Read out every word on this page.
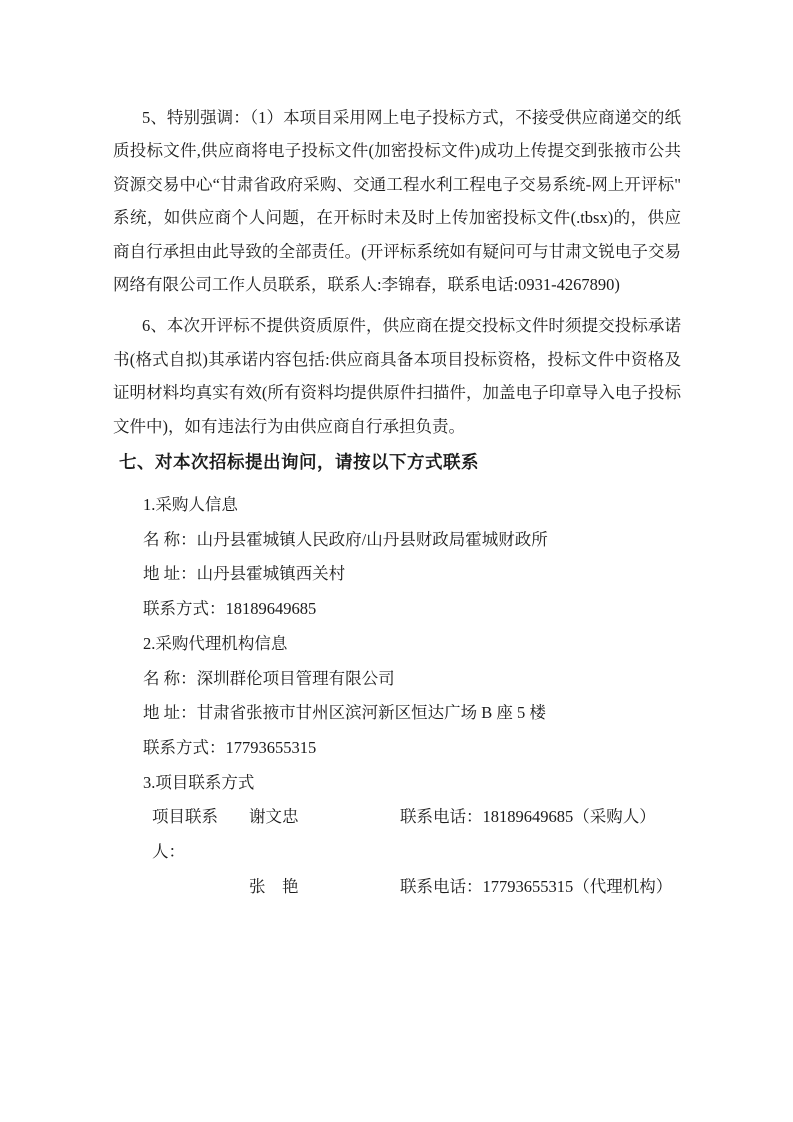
5、特别强调：（1）本项目采用网上电子投标方式，不接受供应商递交的纸
质投标文件,供应商将电子投标文件(加密投标文件)成功上传提交到张掖市公共
资源交易中心“甘肃省政府采购、交通工程水利工程电子交易系统-网上开评标"
系统，如供应商个人问题，在开标时未及时上传加密投标文件(.tbsx)的，供应
商自行承担由此导致的全部责任。(开评标系统如有疑问可与甘肃文锐电子交易
网络有限公司工作人员联系，联系人:李锦春，联系电话:0931-4267890)
6、本次开评标不提供资质原件，供应商在提交投标文件时须提交投标承诺
书(格式自拟)其承诺内容包括:供应商具备本项目投标资格，投标文件中资格及
证明材料均真实有效(所有资料均提供原件扫描件，加盖电子印章导入电子投标
文件中)，如有违法行为由供应商自行承担负责。
七、对本次招标提出询问，请按以下方式联系
1.采购人信息
名 称：山丹县霍城镇人民政府/山丹县财政局霍城财政所
地 址：山丹县霍城镇西关村
联系方式：18189649685
2.采购代理机构信息
名 称：深圳群伦项目管理有限公司
地 址：甘肃省张掖市甘州区滨河新区恒达广场 B 座 5 楼
联系方式：17793655315
3.项目联系方式
项目联系人：
谢文忠	联系电话：18189649685（采购人）
张　艳	联系电话：17793655315（代理机构）
